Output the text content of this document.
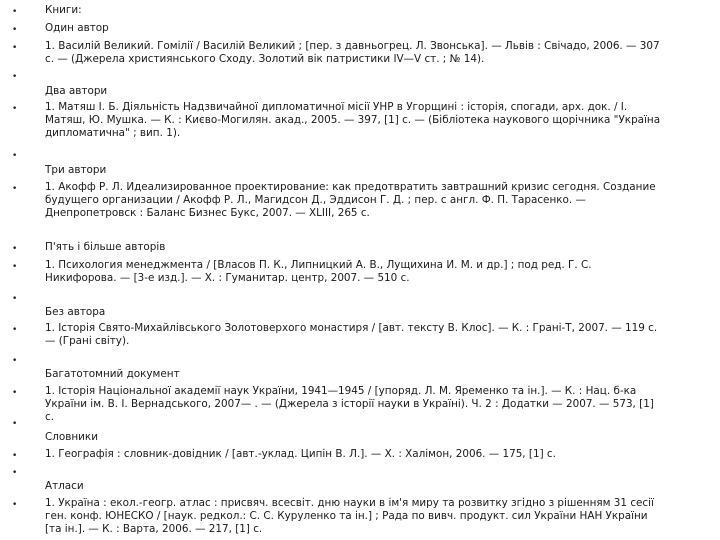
•	Книги:
•	Один автор
•	1. Василій Великий. Гомілії / Василій Великий ; [пер. з давньогрец. Л. Звонська]. — Львів : Свічадо, 2006. — 307 с. — (Джерела християнського Сходу. Золотий вік патристики IV—V ст. ; № 14).
•
Два автори
•	1. Матяш І. Б. Діяльність Надзвичайної дипломатичної місії УНР в Угорщині : історія, спогади, арх. док. / І. Матяш, Ю. Мушка. — К. : Києво-Могилян. акад., 2005. — 397, [1] с. — (Бібліотека наукового щорічника "Україна дипломатична" ; вип. 1).
•
Три автори
•	1. Акофф Р. Л. Идеализированное проектирование: как предотвратить завтрашний кризис сегодня. Создание будущего организации / Акофф Р. Л., Магидсон Д., Эддисон Г. Д. ; пер. с англ. Ф. П. Тарасенко. — Днепропетровск : Баланс Бизнес Букс, 2007. — XLIII, 265 с.
•	П'ять і більше авторів
•	1. Психология менеджмента / [Власов П. К., Липницкий А. В., Лущихина И. М. и др.] ; под ред. Г. С. Никифорова. — [3-е изд.]. — Х. : Гуманитар. центр, 2007. — 510 с.
•
Без автора
•	1. Історія Свято-Михайлівського Золотоверхого монастиря / [авт. тексту В. Клос]. — К. : Грані-Т, 2007. — 119 с. — (Грані світу).
•
Багатотомний документ
•	1. Історія Національної академії наук України, 1941—1945 / [упоряд. Л. М. Яременко та ін.]. — К. : Нац. б-ка України ім. В. І. Вернадського, 2007— . — (Джерела з історії науки в Україні). Ч. 2 : Додатки — 2007. — 573, [1] с.
•
Словники
•	1. Географія : словник-довідник / [авт.-уклад. Ципін В. Л.]. — Х. : Халімон, 2006. — 175, [1] с.
•
Атласи
•	1. Україна : екол.-геогр. атлас : присвяч. всесвіт. дню науки в ім'я миру та розвитку згідно з рішенням 31 сесії ген. конф. ЮНЕСКО / [наук. редкол.: С. С. Куруленко та ін.] ; Рада по вивч. продукт. сил України НАН України [та ін.]. — К. : Варта, 2006. — 217, [1] с.
